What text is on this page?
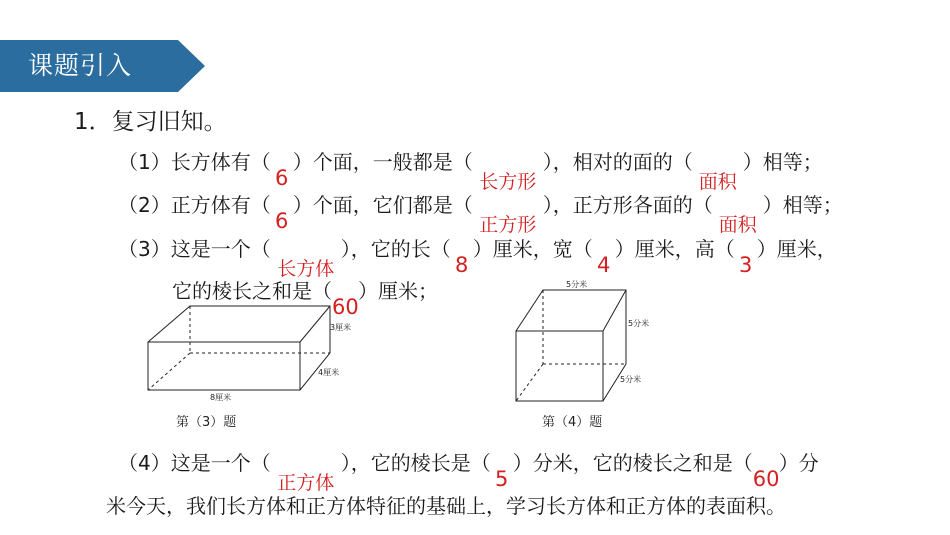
课题引入
1．复习旧知。
（1）长方体有（
6
）个面，一般都是（
长方形
），相对的面的（
面积
）相等；
（2）正方体有（
6
）个面，它们都是（
正方形
），正方形各面的（
面积
）相等；
（3）这是一个（
长方体
），它的长（
8
）厘米，宽（
4
）厘米，高（
3
）厘米，
它的棱长之和是（
60
）厘米；
3厘米
4厘米
8厘米
第（3）题
5分米
5分米
5分米
第（4）题
（4）这是一个（
正方体
），它的棱长是（
5
）分米，它的棱长之和是（
60
）分
米今天，我们长方体和正方体特征的基础上，学习长方体和正方体的表面积。
